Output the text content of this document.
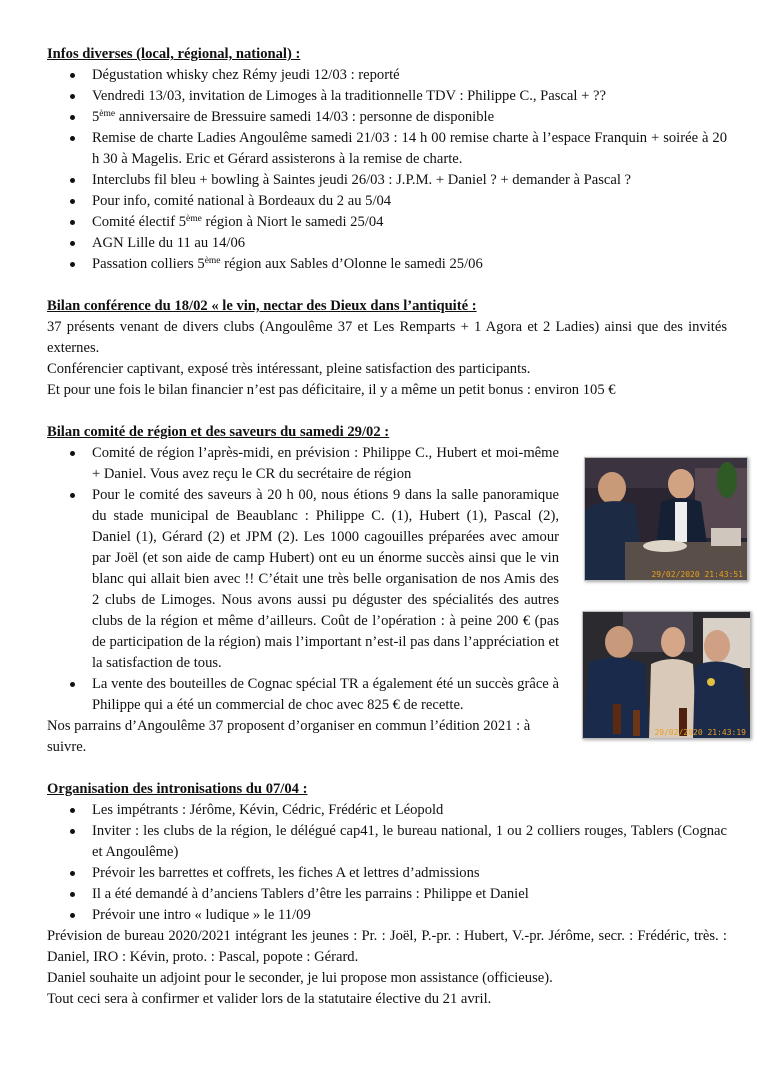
Infos diverses (local, régional, national) :

Dégustation whisky chez Rémy jeudi 12/03 : reporté
Vendredi 13/03, invitation de Limoges à la traditionnelle TDV : Philippe C., Pascal + ??
5ème anniversaire de Bressuire samedi 14/03 : personne de disponible
Remise de charte Ladies Angoulême samedi 21/03 : 14 h 00 remise charte à l’espace Franquin + soirée à 20 h 30 à Magelis. Eric et Gérard assisterons à la remise de charte.
Interclubs fil bleu + bowling à Saintes jeudi 26/03 : J.P.M. + Daniel ? + demander à Pascal ?
Pour info, comité national à Bordeaux du 2 au 5/04
Comité électif 5ème région à Niort le samedi 25/04
AGN Lille du 11 au 14/06
Passation colliers 5ème région aux Sables d’Olonne le samedi 25/06

Bilan conférence du 18/02 « le vin, nectar des Dieux dans l’antiquité :

37 présents venant de divers clubs (Angoulême 37 et Les Remparts + 1 Agora et 2 Ladies) ainsi que des invités externes.

Conférencier captivant, exposé très intéressant, pleine satisfaction des participants.

Et pour une fois le bilan financier n’est pas déficitaire, il y a même un petit bonus : environ 105 €

Bilan comité de région et des saveurs du samedi 29/02 :

Comité de région l’après-midi, en prévision : Philippe C., Hubert et moi-même + Daniel. Vous avez reçu le CR du secrétaire de région
Pour le comité des saveurs à 20 h 00, nous étions 9 dans la salle panoramique du stade municipal de Beaublanc : Philippe C. (1), Hubert (1), Pascal (2), Daniel (1), Gérard (2) et JPM (2). Les 1000 cagouilles préparées avec amour par Joël (et son aide de camp Hubert) ont eu un énorme succès ainsi que le vin blanc qui allait bien avec !! C’était une très belle organisation de nos Amis des 2 clubs de Limoges. Nous avons aussi pu déguster des spécialités des autres clubs de la région et même d’ailleurs. Coût de l’opération : à peine 200 € (pas de participation de la région) mais l’important n’est-il pas dans l’appréciation et la satisfaction de tous.
La vente des bouteilles de Cognac spécial TR a également été un succès grâce à Philippe qui a été un commercial de choc avec 825 € de recette.
29/02/2020 21:43:51
29/02/2020 21:43:19

Nos parrains d’Angoulême 37 proposent d’organiser en commun l’édition 2021 : à suivre.

Organisation des intronisations du 07/04 :

Les impétrants : Jérôme, Kévin, Cédric, Frédéric et Léopold
Inviter : les clubs de la région, le délégué cap41, le bureau national, 1 ou 2 colliers rouges, Tablers (Cognac et Angoulême)
Prévoir les barrettes et coffrets, les fiches A et lettres d’admissions
Il a été demandé à d’anciens Tablers d’être les parrains : Philippe et Daniel
Prévoir une intro « ludique » le 11/09

Prévision de bureau 2020/2021 intégrant les jeunes : Pr. : Joël, P.-pr. : Hubert, V.-pr. Jérôme, secr. : Frédéric, très. : Daniel, IRO : Kévin, proto. : Pascal, popote : Gérard.

Daniel souhaite un adjoint pour le seconder, je lui propose mon assistance (officieuse).

Tout ceci sera à confirmer et valider lors de la statutaire élective du 21 avril.
